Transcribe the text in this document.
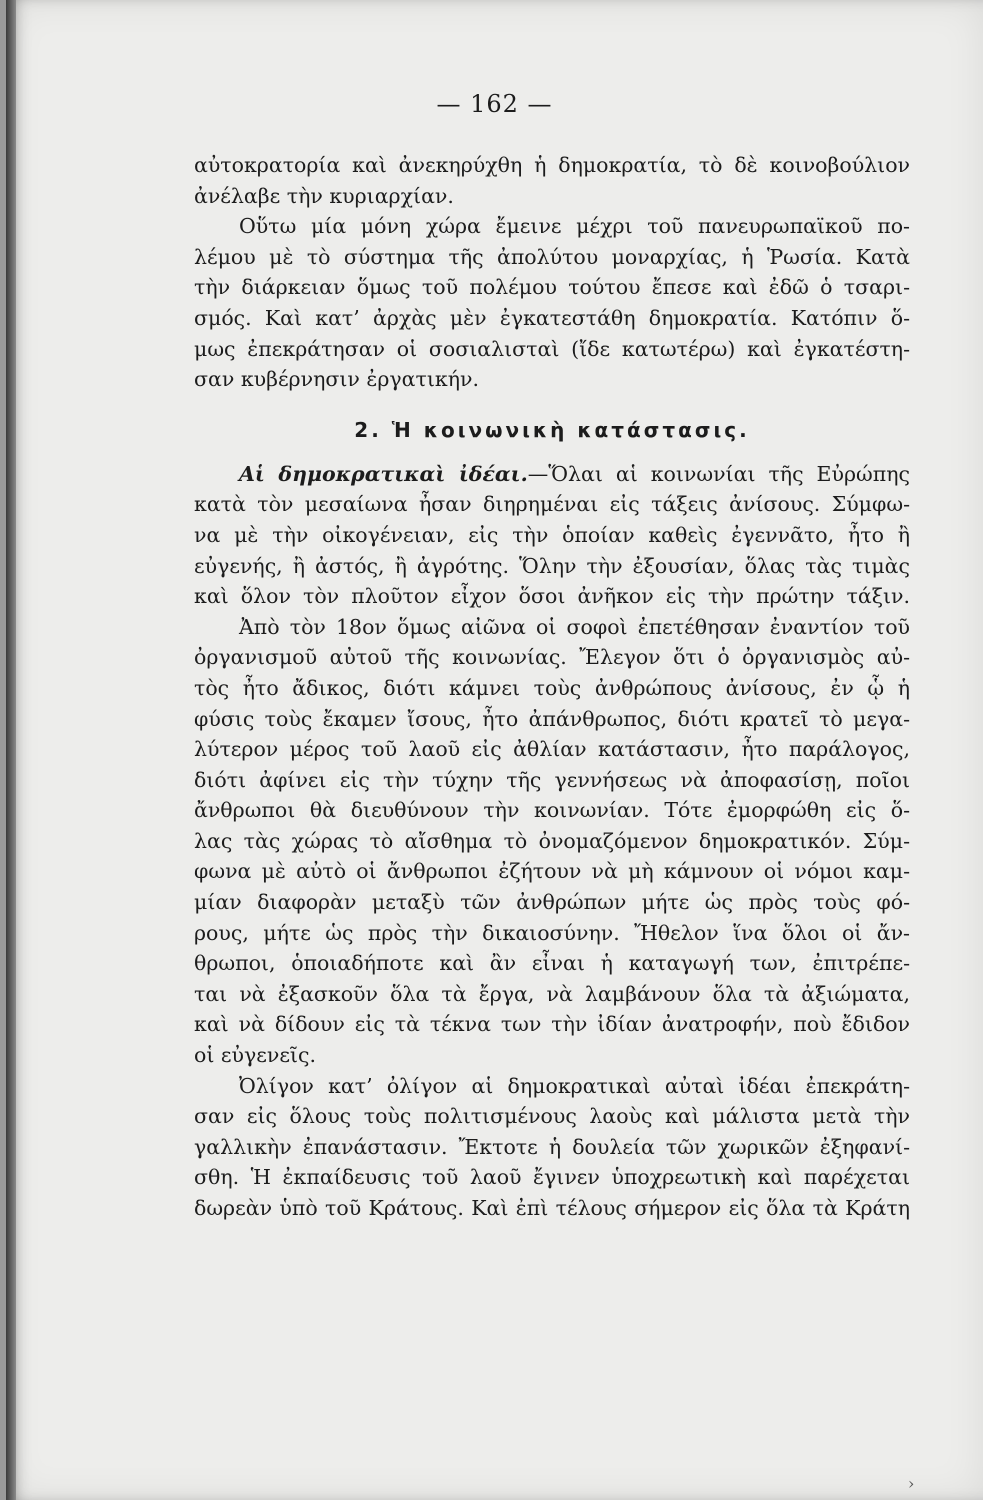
— 162 —
αὐτοκρατορία καὶ ἀνεκηρύχθη ἡ δημοκρατία, τὸ δὲ κοινοβούλιον
ἀνέλαβε τὴν κυριαρχίαν.
Οὕτω μία μόνη χώρα ἔμεινε μέχρι τοῦ πανευρωπαϊκοῦ πο-
λέμου μὲ τὸ σύστημα τῆς ἀπολύτου μοναρχίας, ἡ Ῥωσία. Κατὰ
τὴν διάρκειαν ὅμως τοῦ πολέμου τούτου ἔπεσε καὶ ἐδῶ ὁ τσαρι-
σμός. Καὶ κατ’ ἀρχὰς μὲν ἐγκατεστάθη δημοκρατία. Κατόπιν ὅ-
μως ἐπεκράτησαν οἱ σοσιαλισταὶ (ἴδε κατωτέρω) καὶ ἐγκατέστη-
σαν κυβέρνησιν ἐργατικήν.
2. Ἡ κοινωνικὴ κατάστασις.
Αἱ δημοκρατικαὶ ἰδέαι.—Ὅλαι αἱ κοινωνίαι τῆς Εὐρώπης
κατὰ τὸν μεσαίωνα ἦσαν διηρημέναι εἰς τάξεις ἀνίσους. Σύμφω-
να μὲ τὴν οἰκογένειαν, εἰς τὴν ὁποίαν καθεὶς ἐγεννᾶτο, ἦτο ἢ
εὐγενής, ἢ ἀστός, ἢ ἀγρότης. Ὅλην τὴν ἐξουσίαν, ὅλας τὰς τιμὰς
καὶ ὅλον τὸν πλοῦτον εἶχον ὅσοι ἀνῆκον εἰς τὴν πρώτην τάξιν.
Ἀπὸ τὸν 18ον ὅμως αἰῶνα οἱ σοφοὶ ἐπετέθησαν ἐναντίον τοῦ
ὀργανισμοῦ αὐτοῦ τῆς κοινωνίας. Ἔλεγον ὅτι ὁ ὀργανισμὸς αὐ-
τὸς ἦτο ἄδικος, διότι κάμνει τοὺς ἀνθρώπους ἀνίσους, ἐν ᾧ ἡ
φύσις τοὺς ἔκαμεν ἴσους, ἦτο ἀπάνθρωπος, διότι κρατεῖ τὸ μεγα-
λύτερον μέρος τοῦ λαοῦ εἰς ἀθλίαν κατάστασιν, ἦτο παράλογος,
διότι ἀφίνει εἰς τὴν τύχην τῆς γεννήσεως νὰ ἀποφασίσῃ, ποῖοι
ἄνθρωποι θὰ διευθύνουν τὴν κοινωνίαν. Τότε ἐμορφώθη εἰς ὅ-
λας τὰς χώρας τὸ αἴσθημα τὸ ὀνομαζόμενον δημοκρατικόν. Σύμ-
φωνα μὲ αὐτὸ οἱ ἄνθρωποι ἐζήτουν νὰ μὴ κάμνουν οἱ νόμοι καμ-
μίαν διαφορὰν μεταξὺ τῶν ἀνθρώπων μήτε ὡς πρὸς τοὺς φό-
ρους, μήτε ὡς πρὸς τὴν δικαιοσύνην. Ἤθελον ἵνα ὅλοι οἱ ἄν-
θρωποι, ὁποιαδήποτε καὶ ἂν εἶναι ἡ καταγωγή των, ἐπιτρέπε-
ται νὰ ἐξασκοῦν ὅλα τὰ ἔργα, νὰ λαμβάνουν ὅλα τὰ ἀξιώματα,
καὶ νὰ δίδουν εἰς τὰ τέκνα των τὴν ἰδίαν ἀνατροφήν, ποὺ ἔδιδον
οἱ εὐγενεῖς.
Ὀλίγον κατ’ ὀλίγον αἱ δημοκρατικαὶ αὐταὶ ἰδέαι ἐπεκράτη-
σαν εἰς ὅλους τοὺς πολιτισμένους λαοὺς καὶ μάλιστα μετὰ τὴν
γαλλικὴν ἐπανάστασιν. Ἔκτοτε ἡ δουλεία τῶν χωρικῶν ἐξηφανί-
σθη. Ἡ ἐκπαίδευσις τοῦ λαοῦ ἔγινεν ὑποχρεωτικὴ καὶ παρέχεται
δωρεὰν ὑπὸ τοῦ Κράτους. Καὶ ἐπὶ τέλους σήμερον εἰς ὅλα τὰ Κράτη
›
